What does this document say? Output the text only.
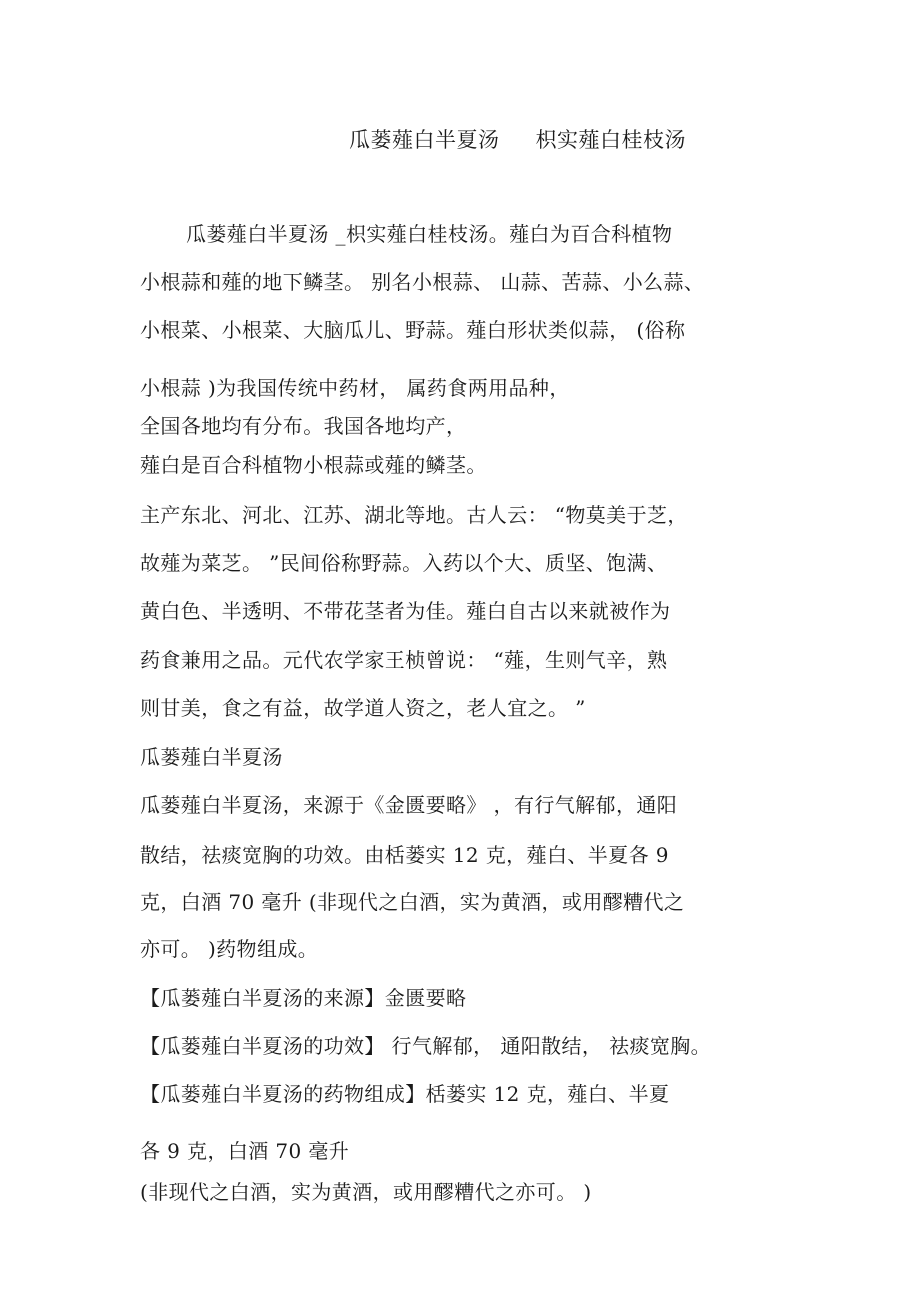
瓜蒌薤白半夏汤 枳实薤白桂枝汤
瓜蒌薤白半夏汤 _枳实薤白桂枝汤。薤白为百合科植物
小根蒜和薤的地下鳞茎。 别名小根蒜、 山蒜、苦蒜、小么蒜、
小根菜、小根菜、大脑瓜儿、野蒜。薤白形状类似蒜， (俗称
小根蒜 )为我国传统中药材， 属药食两用品种，
全国各地均有分布。我国各地均产，
薤白是百合科植物小根蒜或薤的鳞茎。
主产东北、河北、江苏、湖北等地。古人云： “物莫美于芝，
故薤为菜芝。 ”民间俗称野蒜。入药以个大、质坚、饱满、
黄白色、半透明、不带花茎者为佳。薤白自古以来就被作为
药食兼用之品。元代农学家王桢曾说： “薤，生则气辛，熟
则甘美，食之有益，故学道人资之，老人宜之。 ”
瓜蒌薤白半夏汤
瓜蒌薤白半夏汤，来源于《金匮要略》 ，有行气解郁，通阳
散结，祛痰宽胸的功效。由栝蒌实 12 克，薤白、半夏各 9
克，白酒 70 毫升 (非现代之白酒，实为黄酒，或用醪糟代之
亦可。 )药物组成。
【瓜蒌薤白半夏汤的来源】金匮要略
【瓜蒌薤白半夏汤的功效】 行气解郁， 通阳散结， 祛痰宽胸。
【瓜蒌薤白半夏汤的药物组成】栝蒌实 12 克，薤白、半夏
各 9 克，白酒 70 毫升
(非现代之白酒，实为黄酒，或用醪糟代之亦可。 )
